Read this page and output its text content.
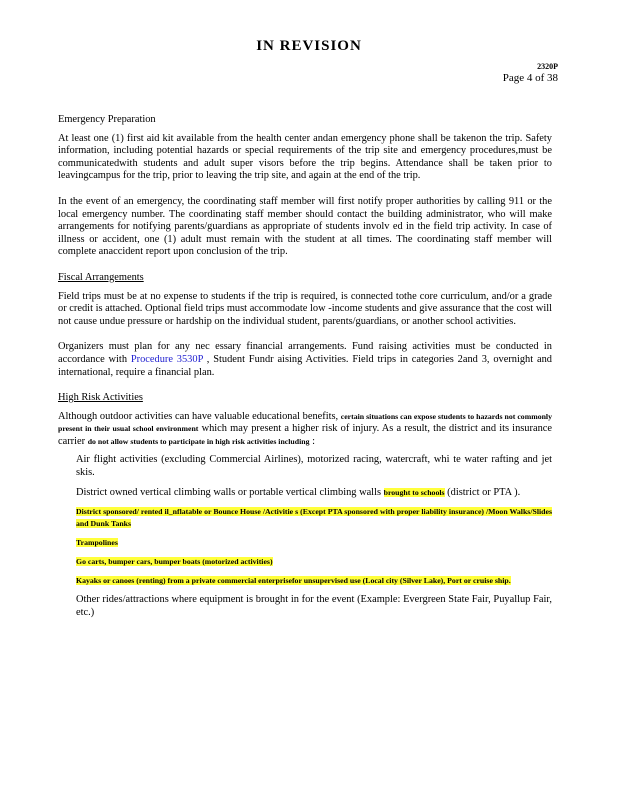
IN REVISION
2320P
Page 4 of 38
Emergency Preparation

At least one (1) first aid kit available from the health center andan emergency phone shall be takenon the trip. Safety information, including potential hazards or special requirements of the trip site and emergency procedures,must be communicatedwith students and adult super visors before the trip begins. Attendance shall be taken prior to leavingcampus for the trip, prior to leaving the trip site, and again at the end of the trip.

In the event of an emergency, the coordinating staff member will first notify proper authorities by calling 911 or the local emergency number. The coordinating staff member should contact the building administrator, who will make arrangements for notifying parents/guardians as appropriate of students involv ed in the field trip activity. In case of illness or accident, one (1) adult must remain with the student at all times. The coordinating staff member will complete anaccident report upon conclusion of the trip.

Fiscal Arrangements

Field trips must be at no expense to students if the trip is required, is connected tothe core curriculum, and/or a grade or credit is attached. Optional field trips must accommodate low -income students and give assurance that the cost will not cause undue pressure or hardship on the individual student, parents/guardians, or another school activities.

Organizers must plan for any nec essary financial arrangements. Fund raising activities must be conducted in accordance with Procedure 3530P , Student Fundr aising Activities. Field trips in categories 2and 3, overnight and international, require a financial plan.

High Risk Activities

Although outdoor activities can have valuable educational benefits, certain situations can expose students to hazards not commonly present in their usual school environment which may present a higher risk of injury. As a result, the district and its insurance carrier do not allow students to participate in high risk activities including :

Air flight activities (excluding Commercial Airlines), motorized racing, watercraft, whi te water rafting and jet skis.
District owned vertical climbing walls or portable vertical climbing walls brought to schools (district or PTA ).
District sponsored/ rented il_nflatable or Bounce House /Activitie s (Except PTA sponsored with proper liability insurance) /Moon Walks/Slides and Dunk Tanks
Trampolines
Go carts, bumper cars, bumper boats (motorized activities)
Kayaks or canoes (renting) from a private commercial enterprisefor unsupervised use (Local city (Silver Lake), Port or cruise ship.
Other rides/attractions where equipment is brought in for the event (Example: Evergreen State Fair, Puyallup Fair, etc.)
